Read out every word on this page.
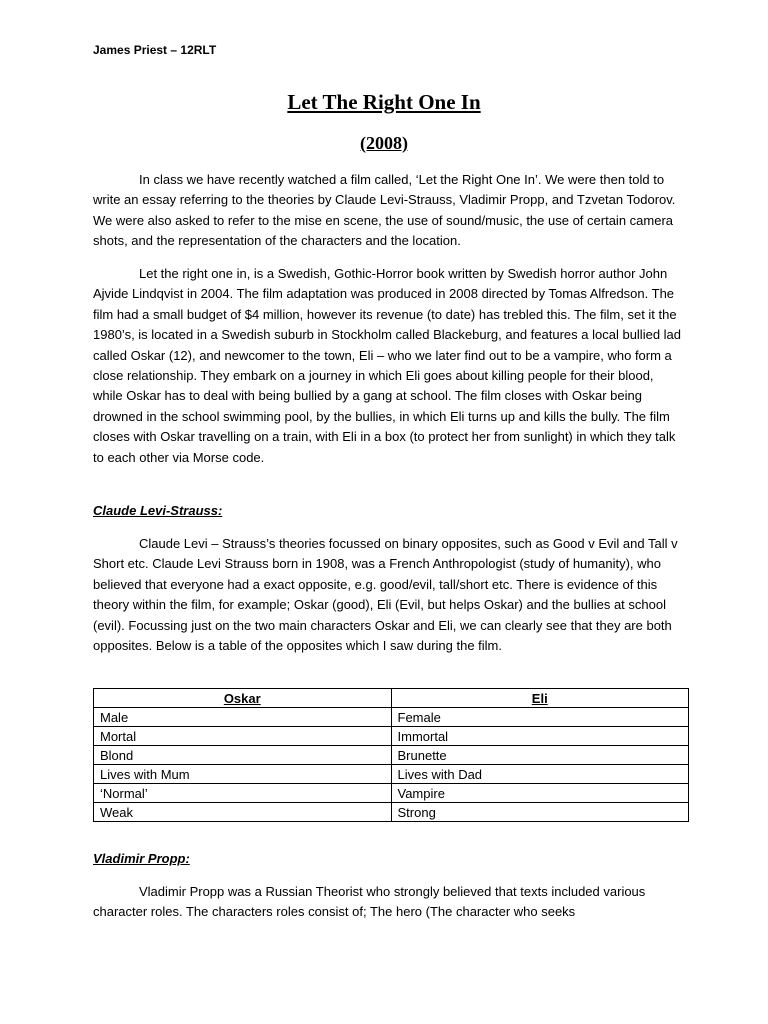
James Priest – 12RLT
Let The Right One In
(2008)

In class we have recently watched a film called, ‘Let the Right One In’. We were then told to write an essay referring to the theories by Claude Levi-Strauss, Vladimir Propp, and Tzvetan Todorov. We were also asked to refer to the mise en scene, the use of sound/music, the use of certain camera shots, and the representation of the characters and the location.

Let the right one in, is a Swedish, Gothic-Horror book written by Swedish horror author John Ajvide Lindqvist in 2004. The film adaptation was produced in 2008 directed by Tomas Alfredson. The film had a small budget of $4 million, however its revenue (to date) has trebled this. The film, set it the 1980’s, is located in a Swedish suburb in Stockholm called Blackeburg, and features a local bullied lad called Oskar (12), and newcomer to the town, Eli – who we later find out to be a vampire, who form a close relationship. They embark on a journey in which Eli goes about killing people for their blood, while Oskar has to deal with being bullied by a gang at school. The film closes with Oskar being drowned in the school swimming pool, by the bullies, in which Eli turns up and kills the bully. The film closes with Oskar travelling on a train, with Eli in a box (to protect her from sunlight) in which they talk to each other via Morse code.

Claude Levi-Strauss:

Claude Levi – Strauss’s theories focussed on binary opposites, such as Good v Evil and Tall v Short etc. Claude Levi Strauss born in 1908, was a French Anthropologist (study of humanity), who believed that everyone had a exact opposite, e.g. good/evil, tall/short etc. There is evidence of this theory within the film, for example; Oskar (good), Eli (Evil, but helps Oskar) and the bullies at school (evil). Focussing just on the two main characters Oskar and Eli, we can clearly see that they are both opposites. Below is a table of the opposites which I saw during the film.

Oskar	Eli
Male	Female
Mortal	Immortal
Blond	Brunette
Lives with Mum	Lives with Dad
‘Normal’	Vampire
Weak	Strong
Vladimir Propp:

Vladimir Propp was a Russian Theorist who strongly believed that texts included various character roles. The characters roles consist of; The hero (The character who seeks
